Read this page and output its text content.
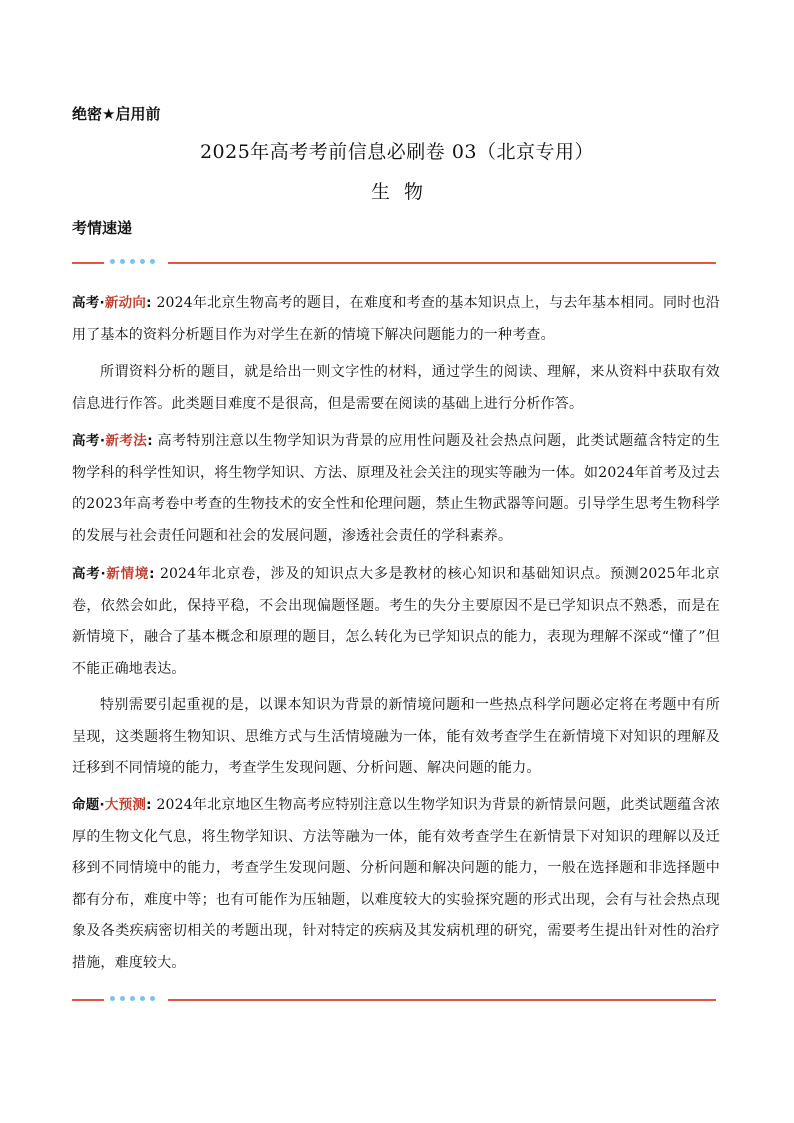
绝密★启用前
2025年高考考前信息必刷卷 03（北京专用）
生物
考情速递
高考·新动向: 2024年北京生物高考的题目，在难度和考查的基本知识点上，与去年基本相同。同时也沿用了基本的资料分析题目作为对学生在新的情境下解决问题能力的一种考查。
所谓资料分析的题目，就是给出一则文字性的材料，通过学生的阅读、理解，来从资料中获取有效信息进行作答。此类题目难度不是很高，但是需要在阅读的基础上进行分析作答。
高考·新考法: 高考特别注意以生物学知识为背景的应用性问题及社会热点问题，此类试题蕴含特定的生物学科的科学性知识，将生物学知识、方法、原理及社会关注的现实等融为一体。如2024年首考及过去的2023年高考卷中考查的生物技术的安全性和伦理问题，禁止生物武器等问题。引导学生思考生物科学的发展与社会责任问题和社会的发展问题，渗透社会责任的学科素养。
高考·新情境: 2024年北京卷，涉及的知识点大多是教材的核心知识和基础知识点。预测2025年北京卷，依然会如此，保持平稳，不会出现偏题怪题。考生的失分主要原因不是已学知识点不熟悉，而是在新情境下，融合了基本概念和原理的题目，怎么转化为已学知识点的能力，表现为理解不深或“懂了”但不能正确地表达。
特别需要引起重视的是，以课本知识为背景的新情境问题和一些热点科学问题必定将在考题中有所呈现，这类题将生物知识、思维方式与生活情境融为一体，能有效考查学生在新情境下对知识的理解及迁移到不同情境的能力，考查学生发现问题、分析问题、解决问题的能力。
命题·大预测: 2024年北京地区生物高考应特别注意以生物学知识为背景的新情景问题，此类试题蕴含浓厚的生物文化气息，将生物学知识、方法等融为一体，能有效考查学生在新情景下对知识的理解以及迁移到不同情境中的能力，考查学生发现问题、分析问题和解决问题的能力，一般在选择题和非选择题中都有分布，难度中等；也有可能作为压轴题，以难度较大的实验探究题的形式出现，会有与社会热点现象及各类疾病密切相关的考题出现，针对特定的疾病及其发病机理的研究，需要考生提出针对性的治疗措施，难度较大。
